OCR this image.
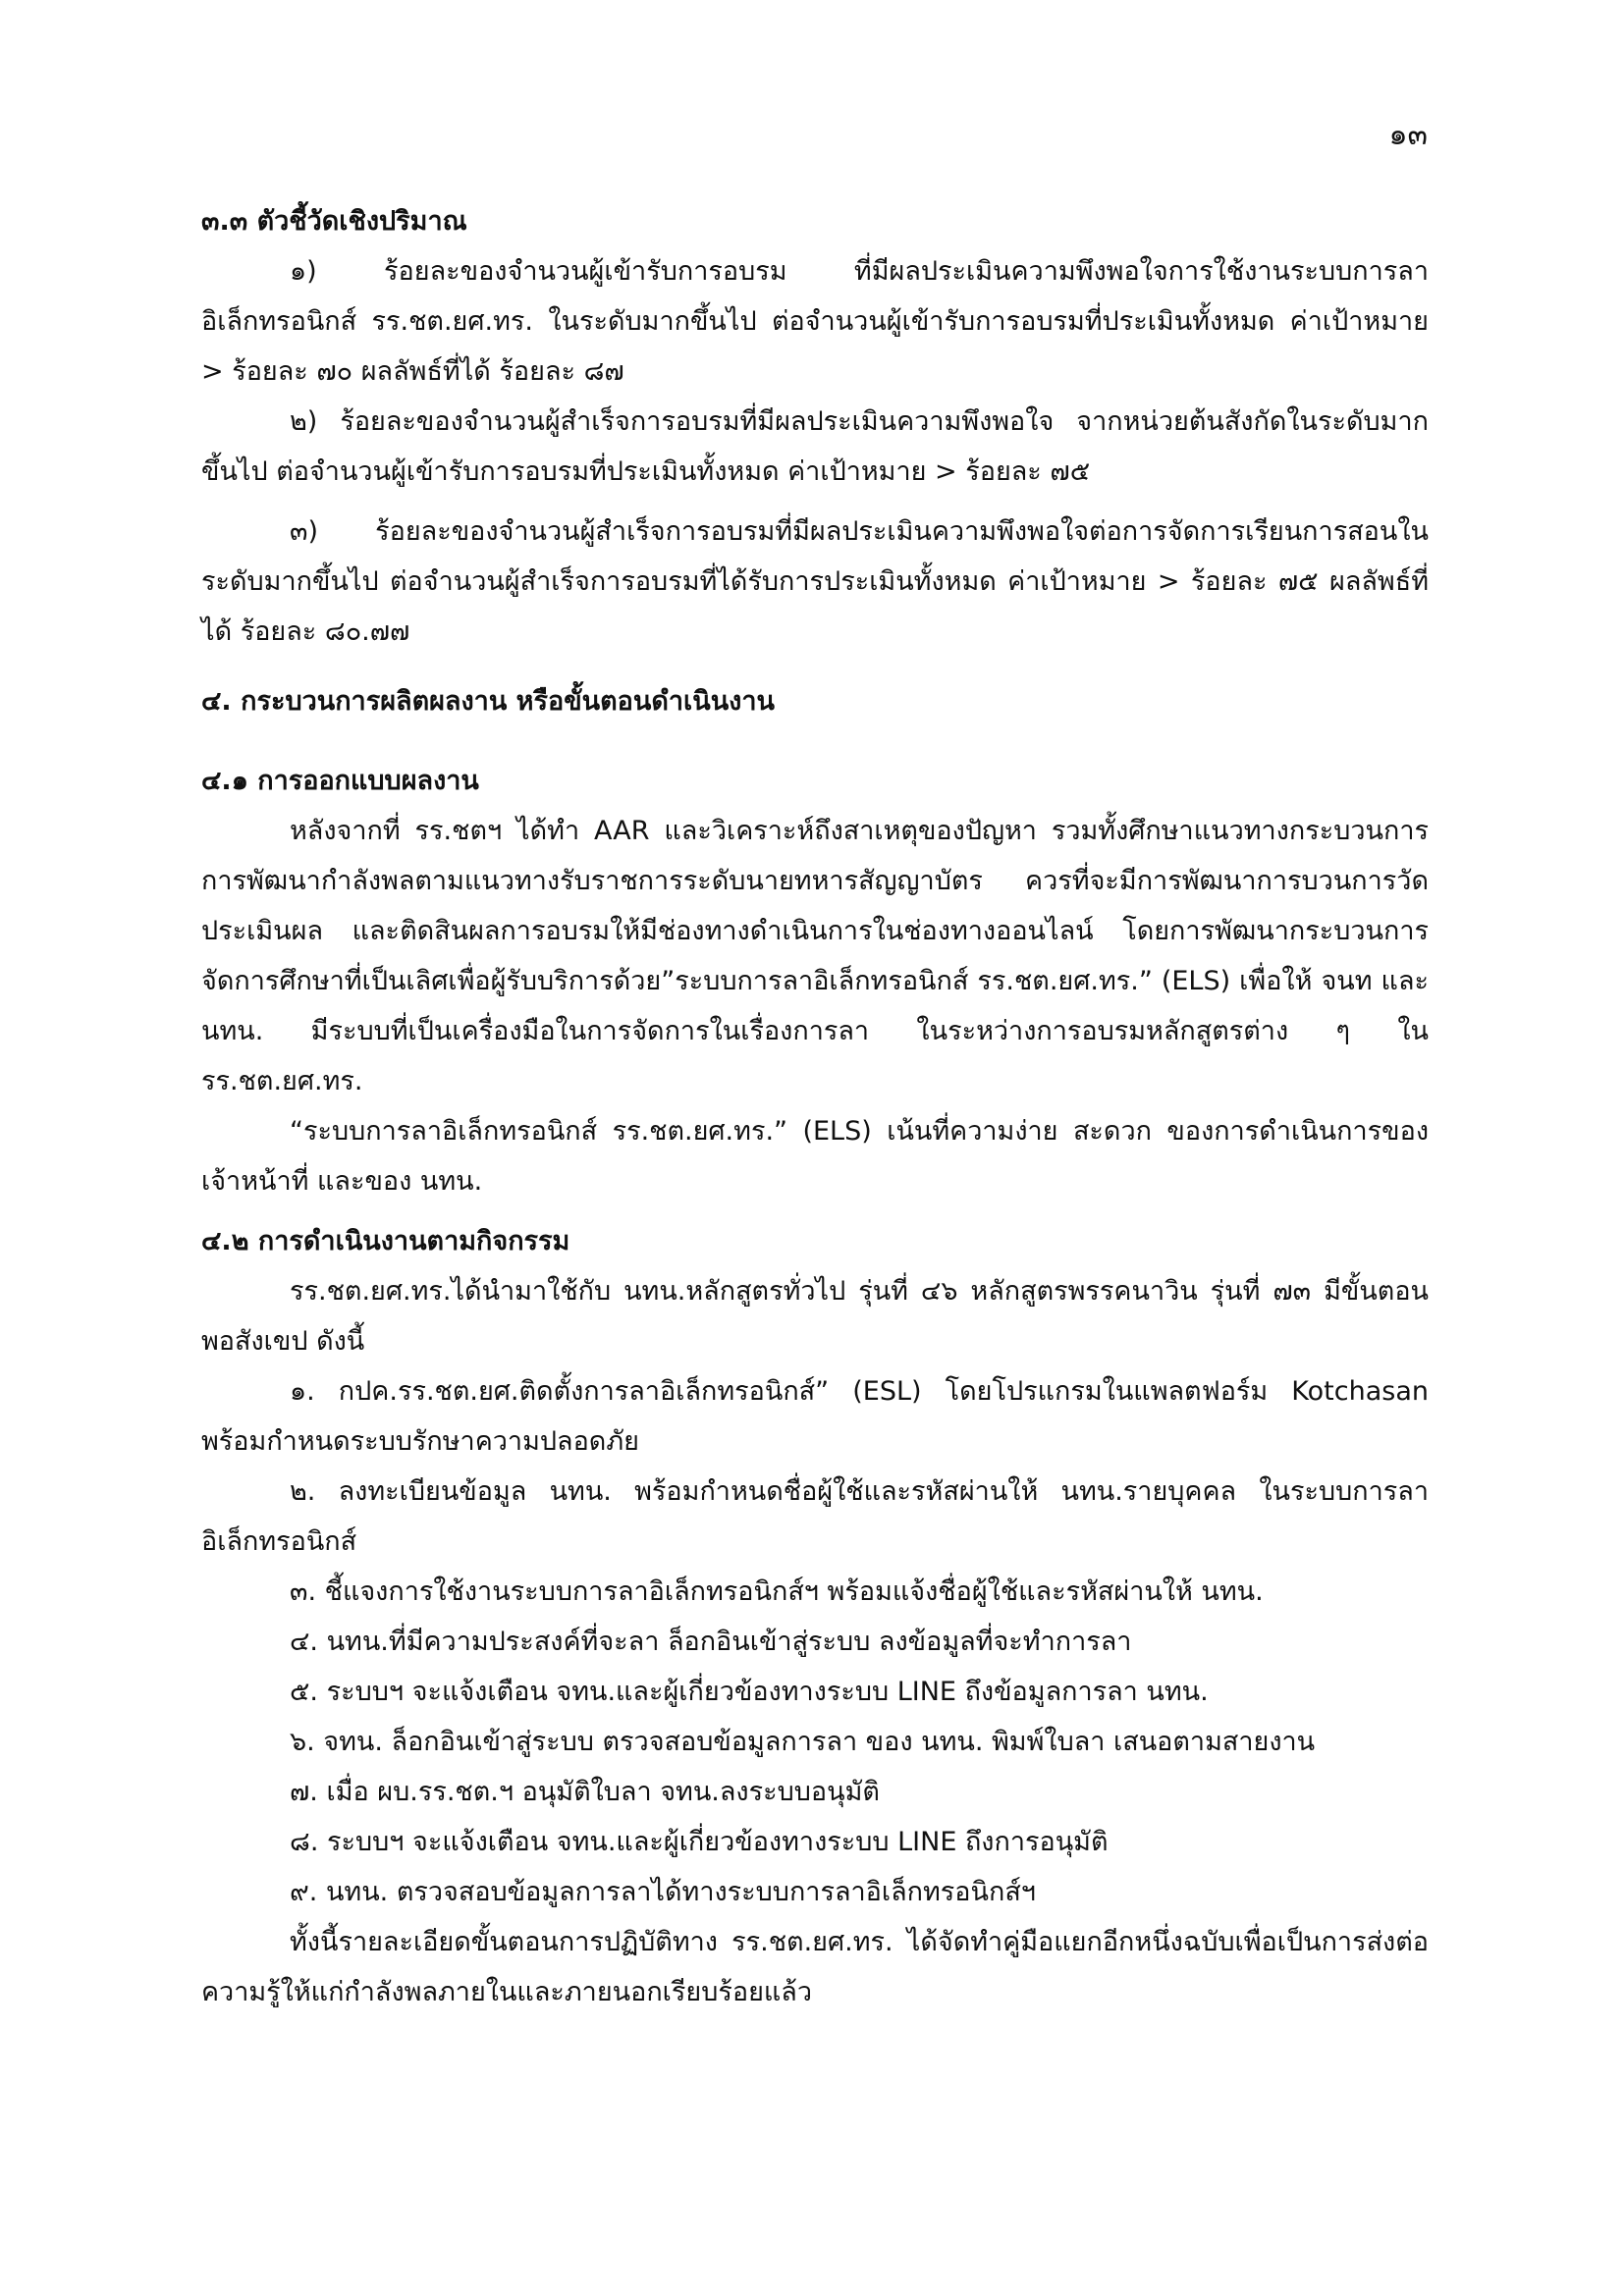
๑๓
๓.๓ ตัวชี้วัดเชิงปริมาณ

๑) ร้อยละของจำนวนผู้เข้ารับการอบรม ที่มีผลประเมินความพึงพอใจการใช้งานระบบการลาอิเล็กทรอนิกส์ รร.ชต.ยศ.ทร. ในระดับมากขึ้นไป ต่อจำนวนผู้เข้ารับการอบรมที่ประเมินทั้งหมด ค่าเป้าหมาย > ร้อยละ ๗๐ ผลลัพธ์ที่ได้ ร้อยละ ๘๗

๒) ร้อยละของจำนวนผู้สำเร็จการอบรมที่มีผลประเมินความพึงพอใจ จากหน่วยต้นสังกัดในระดับมากขึ้นไป ต่อจำนวนผู้เข้ารับการอบรมที่ประเมินทั้งหมด ค่าเป้าหมาย > ร้อยละ ๗๕

๓) ร้อยละของจำนวนผู้สำเร็จการอบรมที่มีผลประเมินความพึงพอใจต่อการจัดการเรียนการสอนในระดับมากขึ้นไป ต่อจำนวนผู้สำเร็จการอบรมที่ได้รับการประเมินทั้งหมด ค่าเป้าหมาย > ร้อยละ ๗๕ ผลลัพธ์ที่ได้ ร้อยละ ๘๐.๗๗

๔. กระบวนการผลิตผลงาน หรือขั้นตอนดำเนินงาน
๔.๑ การออกแบบผลงาน

หลังจากที่ รร.ชตฯ ได้ทำ AAR และวิเคราะห์ถึงสาเหตุของปัญหา รวมทั้งศึกษาแนวทางกระบวนการการพัฒนากำลังพลตามแนวทางรับราชการระดับนายทหารสัญญาบัตร ควรที่จะมีการพัฒนาการบวนการวัดประเมินผล และติดสินผลการอบรมให้มีช่องทางดำเนินการในช่องทางออนไลน์ โดยการพัฒนากระบวนการจัดการศึกษาที่เป็นเลิศเพื่อผู้รับบริการด้วย”ระบบการลาอิเล็กทรอนิกส์ รร.ชต.ยศ.ทร.” (ELS) เพื่อให้ จนท และ นทน. มีระบบที่เป็นเครื่องมือในการจัดการในเรื่องการลา ในระหว่างการอบรมหลักสูตรต่าง ๆ ใน รร.ชต.ยศ.ทร.

“ระบบการลาอิเล็กทรอนิกส์ รร.ชต.ยศ.ทร.” (ELS) เน้นที่ความง่าย สะดวก ของการดำเนินการของเจ้าหน้าที่ และของ นทน.

๔.๒ การดำเนินงานตามกิจกรรม

รร.ชต.ยศ.ทร.ได้นำมาใช้กับ นทน.หลักสูตรทั่วไป รุ่นที่ ๔๖ หลักสูตรพรรคนาวิน รุ่นที่ ๗๓ มีขั้นตอนพอสังเขป ดังนี้

๑. กปค.รร.ชต.ยศ.ติดตั้งการลาอิเล็กทรอนิกส์” (ESL) โดยโปรแกรมในแพลตฟอร์ม Kotchasan พร้อมกำหนดระบบรักษาความปลอดภัย

๒. ลงทะเบียนข้อมูล นทน. พร้อมกำหนดชื่อผู้ใช้และรหัสผ่านให้ นทน.รายบุคคล ในระบบการลาอิเล็กทรอนิกส์

๓. ชี้แจงการใช้งานระบบการลาอิเล็กทรอนิกส์ฯ พร้อมแจ้งชื่อผู้ใช้และรหัสผ่านให้ นทน.

๔. นทน.ที่มีความประสงค์ที่จะลา ล็อกอินเข้าสู่ระบบ ลงข้อมูลที่จะทำการลา

๕. ระบบฯ จะแจ้งเตือน จทน.และผู้เกี่ยวข้องทางระบบ LINE ถึงข้อมูลการลา นทน.

๖. จทน. ล็อกอินเข้าสู่ระบบ ตรวจสอบข้อมูลการลา ของ นทน. พิมพ์ใบลา เสนอตามสายงาน

๗. เมื่อ ผบ.รร.ชต.ฯ อนุมัติใบลา จทน.ลงระบบอนุมัติ

๘. ระบบฯ จะแจ้งเตือน จทน.และผู้เกี่ยวข้องทางระบบ LINE ถึงการอนุมัติ

๙. นทน. ตรวจสอบข้อมูลการลาได้ทางระบบการลาอิเล็กทรอนิกส์ฯ

ทั้งนี้รายละเอียดขั้นตอนการปฏิบัติทาง รร.ชต.ยศ.ทร. ได้จัดทำคู่มือแยกอีกหนึ่งฉบับเพื่อเป็นการส่งต่อความรู้ให้แก่กำลังพลภายในและภายนอกเรียบร้อยแล้ว
